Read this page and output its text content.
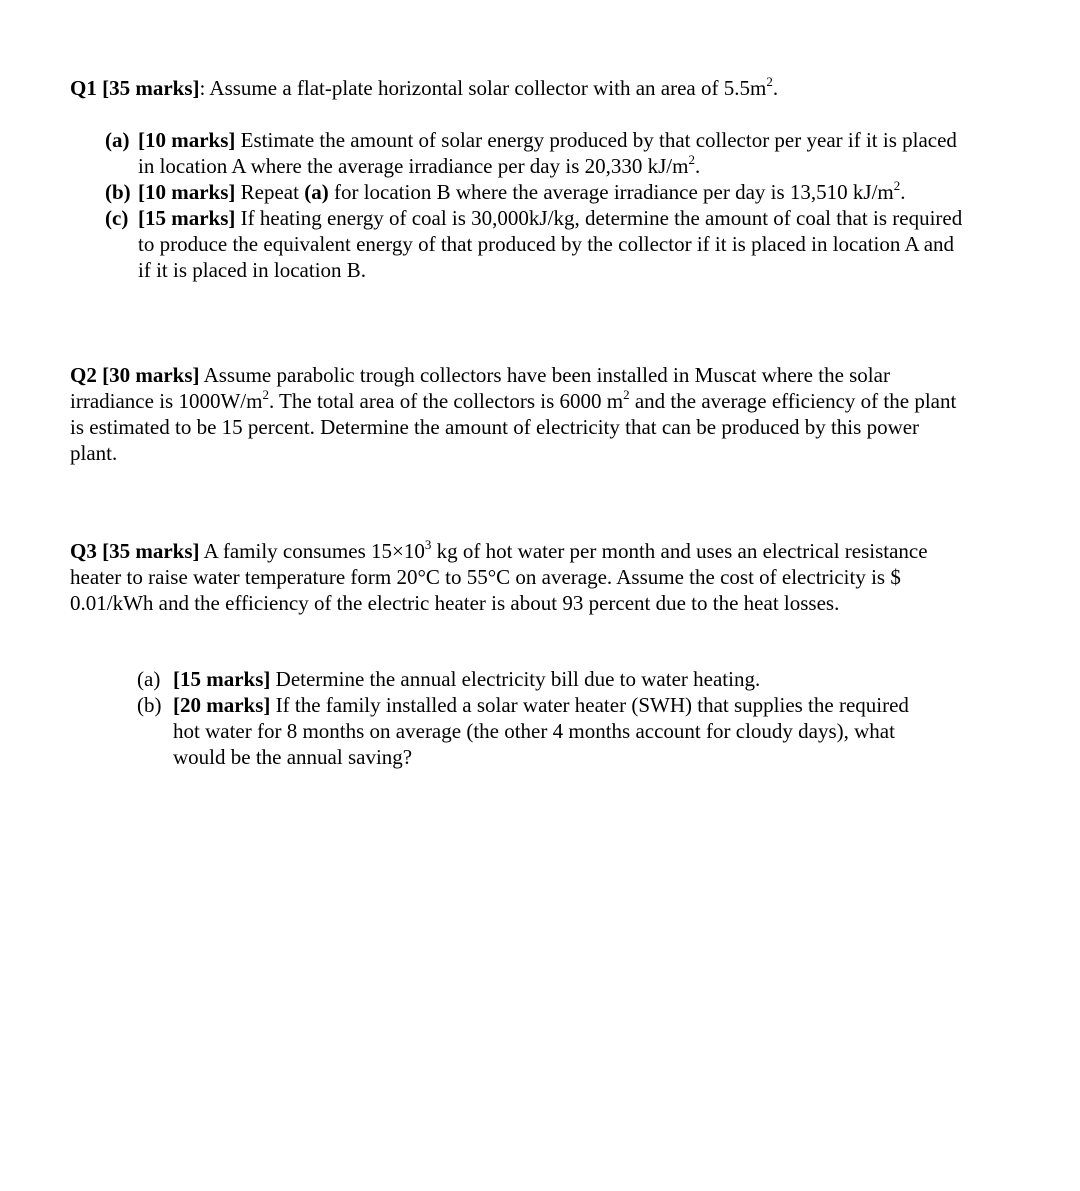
Q1 [35 marks]: Assume a flat-plate horizontal solar collector with an area of $5.5m^2$.
(a) [10 marks] Estimate the amount of solar energy produced by that collector per year if it is placed in location A where the average irradiance per day is 20,330 $kJ/m^2$.
(b) [10 marks] Repeat (a) for location B where the average irradiance per day is 13,510 $kJ/m^2$.
(c) [15 marks] If heating energy of coal is 30,000kJ/kg, determine the amount of coal that is required to produce the equivalent energy of that produced by the collector if it is placed in location A and if it is placed in location B.
Q2 [30 marks] Assume parabolic trough collectors have been installed in Muscat where the solar irradiance is $1000W/m^2$. The total area of the collectors is 6000 $m^2$ and the average efficiency of the plant is estimated to be 15 percent. Determine the amount of electricity that can be produced by this power plant.
Q3 [35 marks] A family consumes $15\times 10^3$ kg of hot water per month and uses an electrical resistance heater to raise water temperature form 20°C to 55°C on average. Assume the cost of electricity is $ 0.01/kWh and the efficiency of the electric heater is about 93 percent due to the heat losses.
(a) [15 marks] Determine the annual electricity bill due to water heating.
(b) [20 marks] If the family installed a solar water heater (SWH) that supplies the required hot water for 8 months on average (the other 4 months account for cloudy days), what would be the annual saving?
